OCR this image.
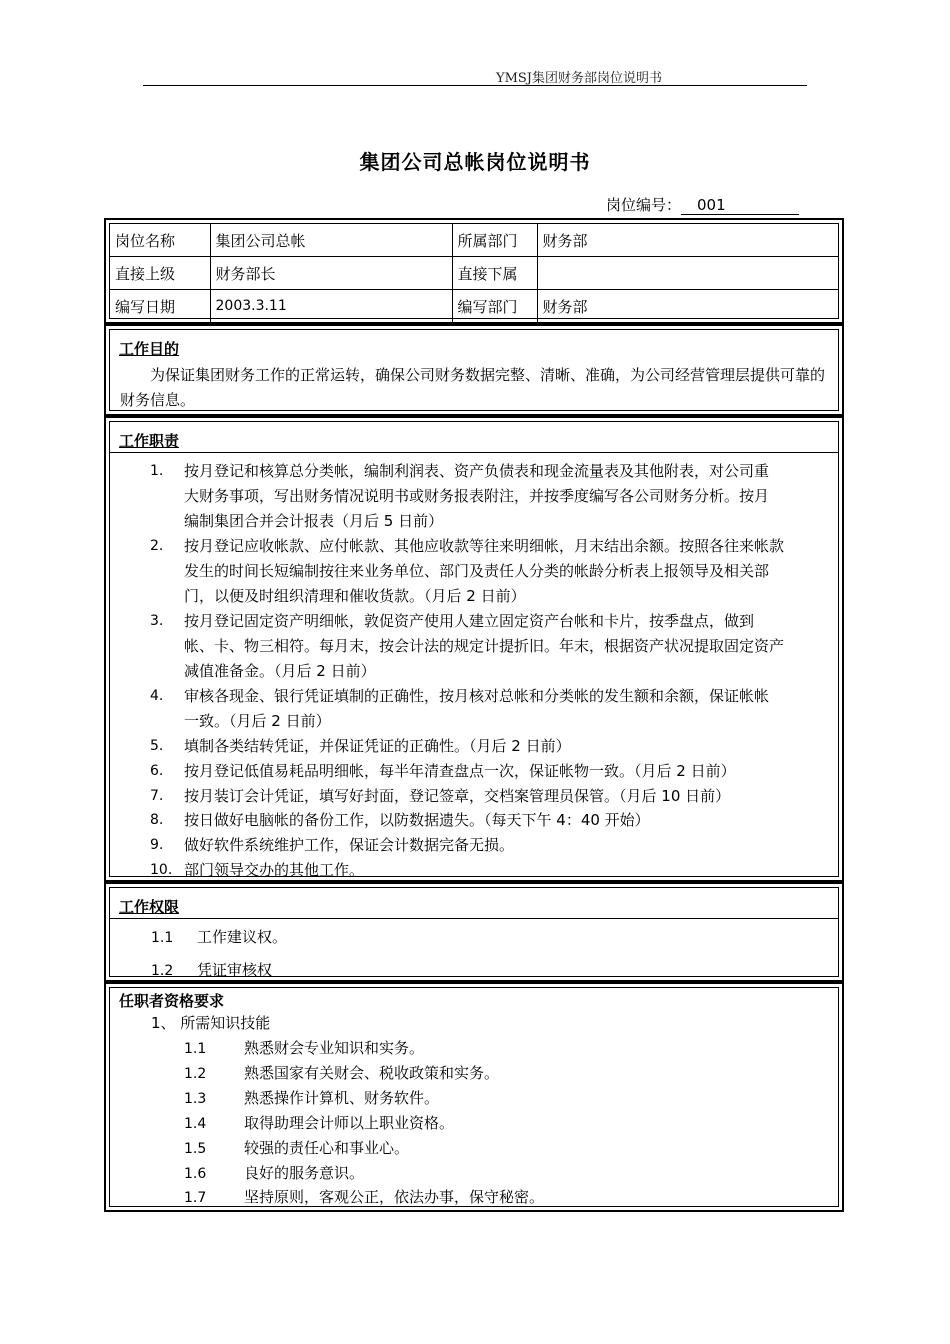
YMSJ集团财务部岗位说明书
集团公司总帐岗位说明书
岗位编号： 001
岗位名称	集团公司总帐	所属部门	财务部
直接上级	财务部长	直接下属	
编写日期	2003.3.11	编写部门	财务部
工作目的
为保证集团财务工作的正常运转，确保公司财务数据完整、清晰、准确，为公司经营管理层提供可靠的财务信息。
工作职责
1. 按月登记和核算总分类帐，编制利润表、资产负债表和现金流量表及其他附表，对公司重
大财务事项，写出财务情况说明书或财务报表附注，并按季度编写各公司财务分析。按月
编制集团合并会计报表（月后 5 日前）
2. 按月登记应收帐款、应付帐款、其他应收款等往来明细帐，月末结出余额。按照各往来帐款
发生的时间长短编制按往来业务单位、部门及责任人分类的帐龄分析表上报领导及相关部
门，以便及时组织清理和催收货款。（月后 2 日前）
3. 按月登记固定资产明细帐，敦促资产使用人建立固定资产台帐和卡片，按季盘点，做到
帐、卡、物三相符。每月末，按会计法的规定计提折旧。年末，根据资产状况提取固定资产
减值准备金。（月后 2 日前）
4. 审核各现金、银行凭证填制的正确性，按月核对总帐和分类帐的发生额和余额，保证帐帐
一致。（月后 2 日前）
5. 填制各类结转凭证，并保证凭证的正确性。（月后 2 日前）
6. 按月登记低值易耗品明细帐，每半年清查盘点一次，保证帐物一致。（月后 2 日前）
7. 按月装订会计凭证，填写好封面，登记签章，交档案管理员保管。（月后 10 日前）
8. 按日做好电脑帐的备份工作，以防数据遗失。（每天下午 4：40 开始）
9. 做好软件系统维护工作，保证会计数据完备无损。
10. 部门领导交办的其他工作。
工作权限
1.1 工作建议权。
1.2 凭证审核权
任职者资格要求
1、 所需知识技能
1.1	熟悉财会专业知识和实务。
1.2	熟悉国家有关财会、税收政策和实务。
1.3	熟悉操作计算机、财务软件。
1.4	取得助理会计师以上职业资格。
1.5	较强的责任心和事业心。
1.6	良好的服务意识。
1.7	坚持原则，客观公正，依法办事，保守秘密。
